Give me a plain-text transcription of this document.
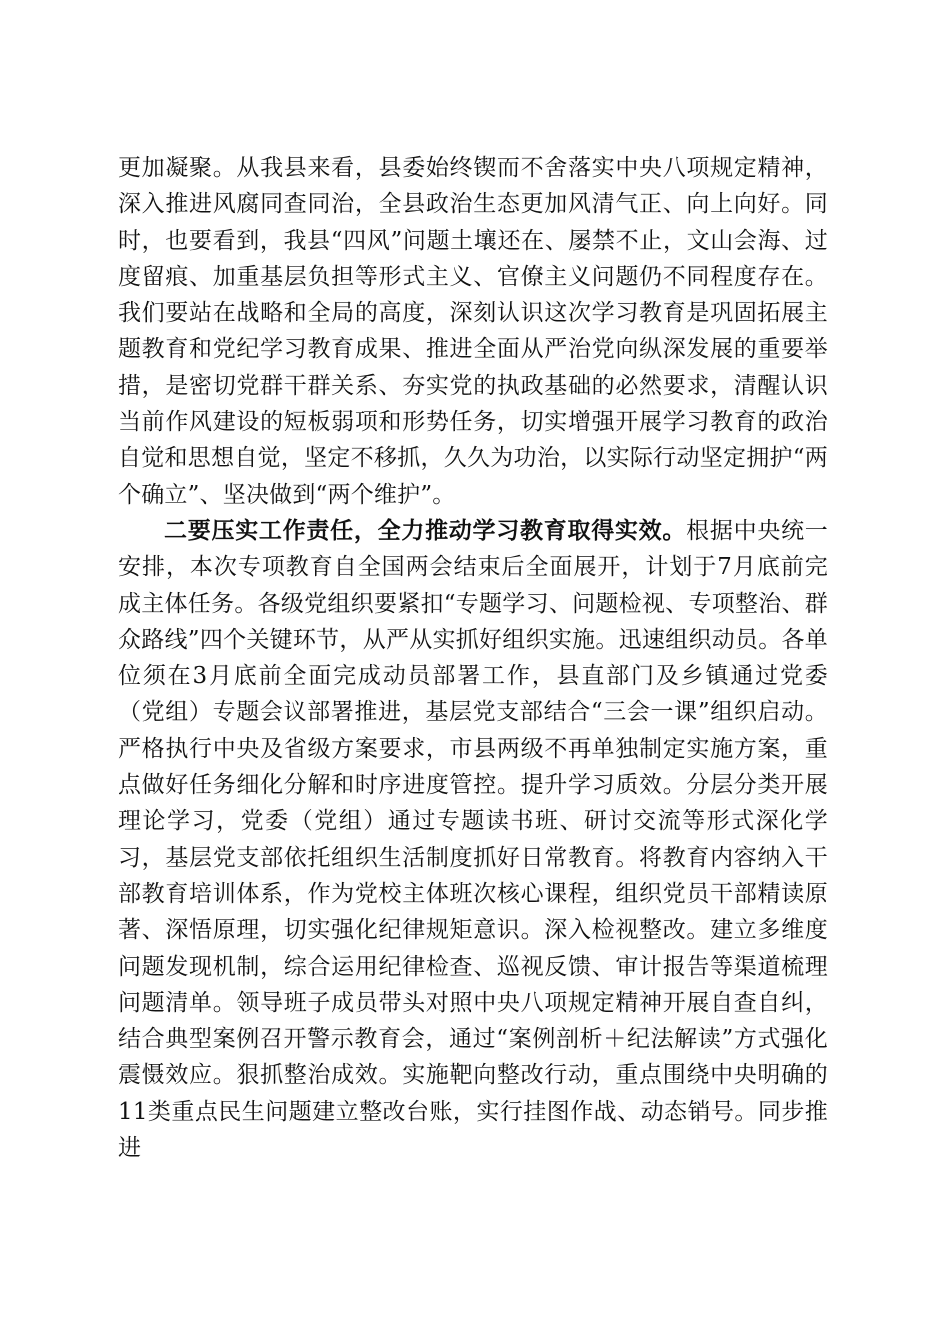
更加凝聚。从我县来看，县委始终锲而不舍落实中央八项规定精神，深入推进风腐同查同治，全县政治生态更加风清气正、向上向好。同时，也要看到，我县“四风”问题土壤还在、屡禁不止，文山会海、过度留痕、加重基层负担等形式主义、官僚主义问题仍不同程度存在。我们要站在战略和全局的高度，深刻认识这次学习教育是巩固拓展主题教育和党纪学习教育成果、推进全面从严治党向纵深发展的重要举措，是密切党群干群关系、夯实党的执政基础的必然要求，清醒认识当前作风建设的短板弱项和形势任务，切实增强开展学习教育的政治自觉和思想自觉，坚定不移抓，久久为功治，以实际行动坚定拥护“两个确立”、坚决做到“两个维护”。

二要压实工作责任，全力推动学习教育取得实效。根据中央统一安排，本次专项教育自全国两会结束后全面展开，计划于7月底前完成主体任务。各级党组织要紧扣“专题学习、问题检视、专项整治、群众路线”四个关键环节，从严从实抓好组织实施。迅速组织动员。各单位须在3月底前全面完成动员部署工作，县直部门及乡镇通过党委（党组）专题会议部署推进，基层党支部结合“三会一课”组织启动。严格执行中央及省级方案要求，市县两级不再单独制定实施方案，重点做好任务细化分解和时序进度管控。提升学习质效。分层分类开展理论学习，党委（党组）通过专题读书班、研讨交流等形式深化学习，基层党支部依托组织生活制度抓好日常教育。将教育内容纳入干部教育培训体系，作为党校主体班次核心课程，组织党员干部精读原著、深悟原理，切实强化纪律规矩意识。深入检视整改。建立多维度问题发现机制，综合运用纪律检查、巡视反馈、审计报告等渠道梳理问题清单。领导班子成员带头对照中央八项规定精神开展自查自纠，结合典型案例召开警示教育会，通过“案例剖析＋纪法解读”方式强化震慑效应。狠抓整治成效。实施靶向整改行动，重点围绕中央明确的11类重点民生问题建立整改台账，实行挂图作战、动态销号。同步推进
